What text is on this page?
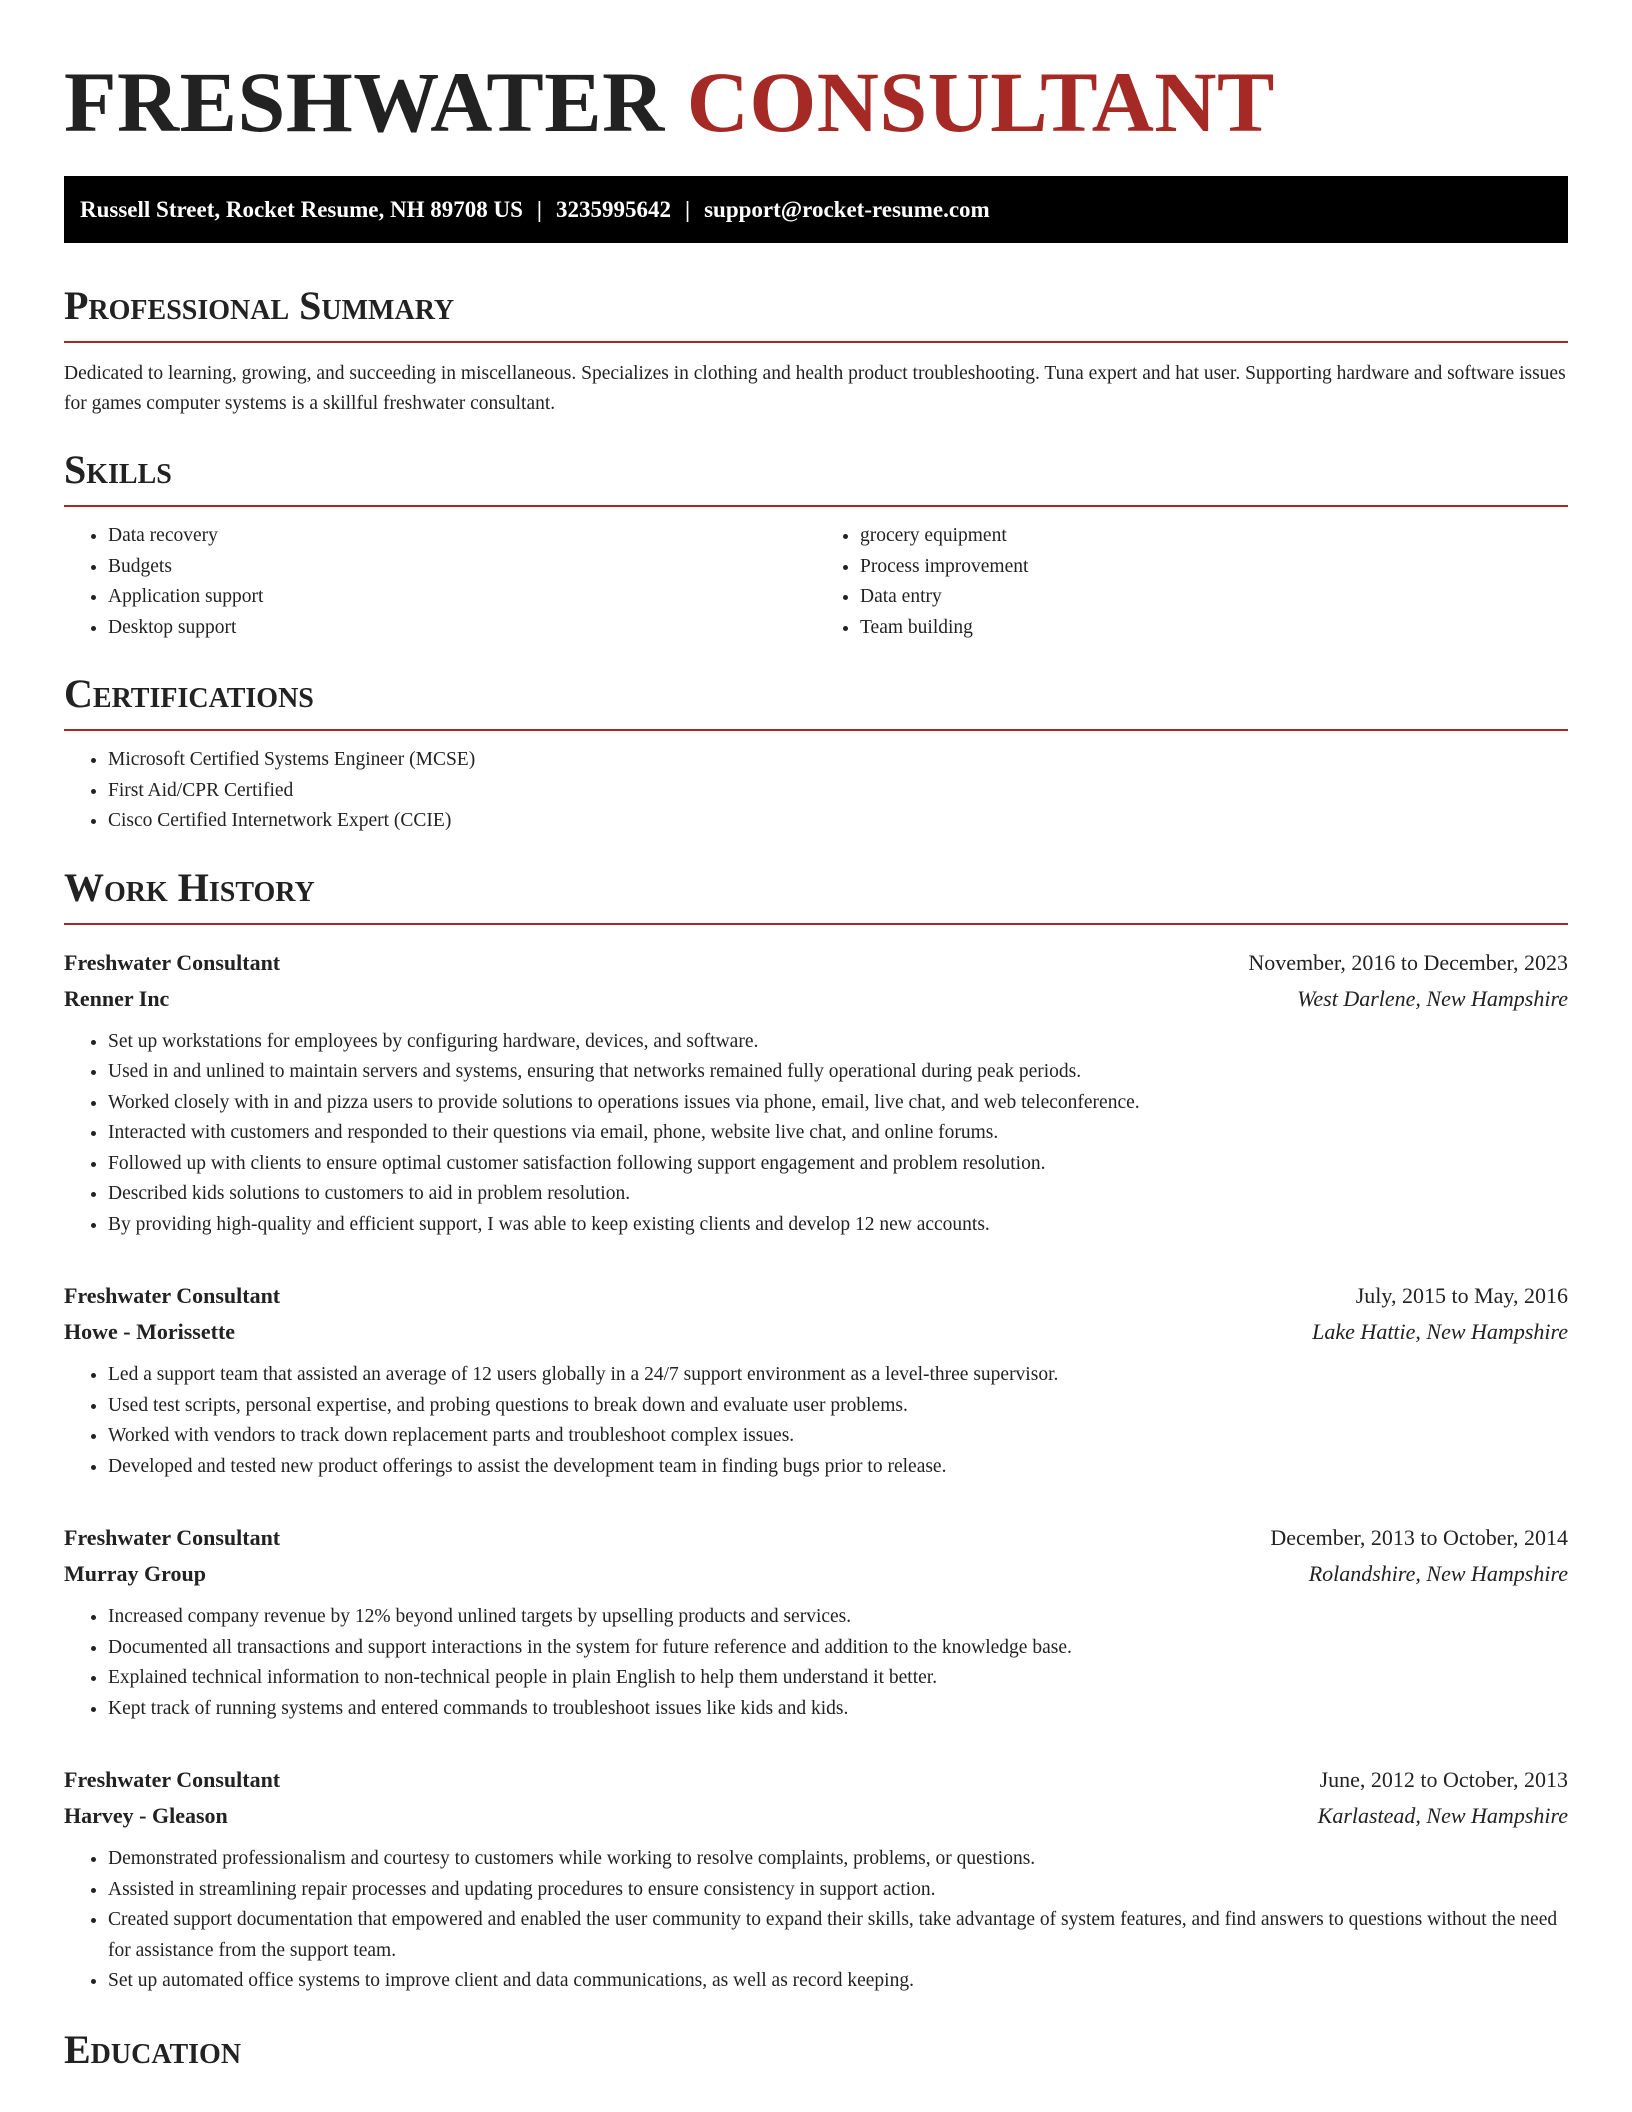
FRESHWATER CONSULTANT
Russell Street, Rocket Resume, NH 89708 US | 3235995642 | support@rocket-resume.com
Professional Summary
Dedicated to learning, growing, and succeeding in miscellaneous. Specializes in clothing and health product troubleshooting. Tuna expert and hat user. Supporting hardware and software issues for games computer systems is a skillful freshwater consultant.
Skills
• Data recovery
• Budgets
• Application support
• Desktop support
• grocery equipment
• Process improvement
• Data entry
• Team building
Certifications
• Microsoft Certified Systems Engineer (MCSE)
• First Aid/CPR Certified
• Cisco Certified Internetwork Expert (CCIE)
Work History
Freshwater Consultant	November, 2016 to December, 2023
Renner Inc	West Darlene, New Hampshire
• Set up workstations for employees by configuring hardware, devices, and software.
• Used in and unlined to maintain servers and systems, ensuring that networks remained fully operational during peak periods.
• Worked closely with in and pizza users to provide solutions to operations issues via phone, email, live chat, and web teleconference.
• Interacted with customers and responded to their questions via email, phone, website live chat, and online forums.
• Followed up with clients to ensure optimal customer satisfaction following support engagement and problem resolution.
• Described kids solutions to customers to aid in problem resolution.
• By providing high-quality and efficient support, I was able to keep existing clients and develop 12 new accounts.
Freshwater Consultant	July, 2015 to May, 2016
Howe - Morissette	Lake Hattie, New Hampshire
• Led a support team that assisted an average of 12 users globally in a 24/7 support environment as a level-three supervisor.
• Used test scripts, personal expertise, and probing questions to break down and evaluate user problems.
• Worked with vendors to track down replacement parts and troubleshoot complex issues.
• Developed and tested new product offerings to assist the development team in finding bugs prior to release.
Freshwater Consultant	December, 2013 to October, 2014
Murray Group	Rolandshire, New Hampshire
• Increased company revenue by 12% beyond unlined targets by upselling products and services.
• Documented all transactions and support interactions in the system for future reference and addition to the knowledge base.
• Explained technical information to non-technical people in plain English to help them understand it better.
• Kept track of running systems and entered commands to troubleshoot issues like kids and kids.
Freshwater Consultant	June, 2012 to October, 2013
Harvey - Gleason	Karlastead, New Hampshire
• Demonstrated professionalism and courtesy to customers while working to resolve complaints, problems, or questions.
• Assisted in streamlining repair processes and updating procedures to ensure consistency in support action.
• Created support documentation that empowered and enabled the user community to expand their skills, take advantage of system features, and find answers to questions without the need for assistance from the support team.
• Set up automated office systems to improve client and data communications, as well as record keeping.
Education
